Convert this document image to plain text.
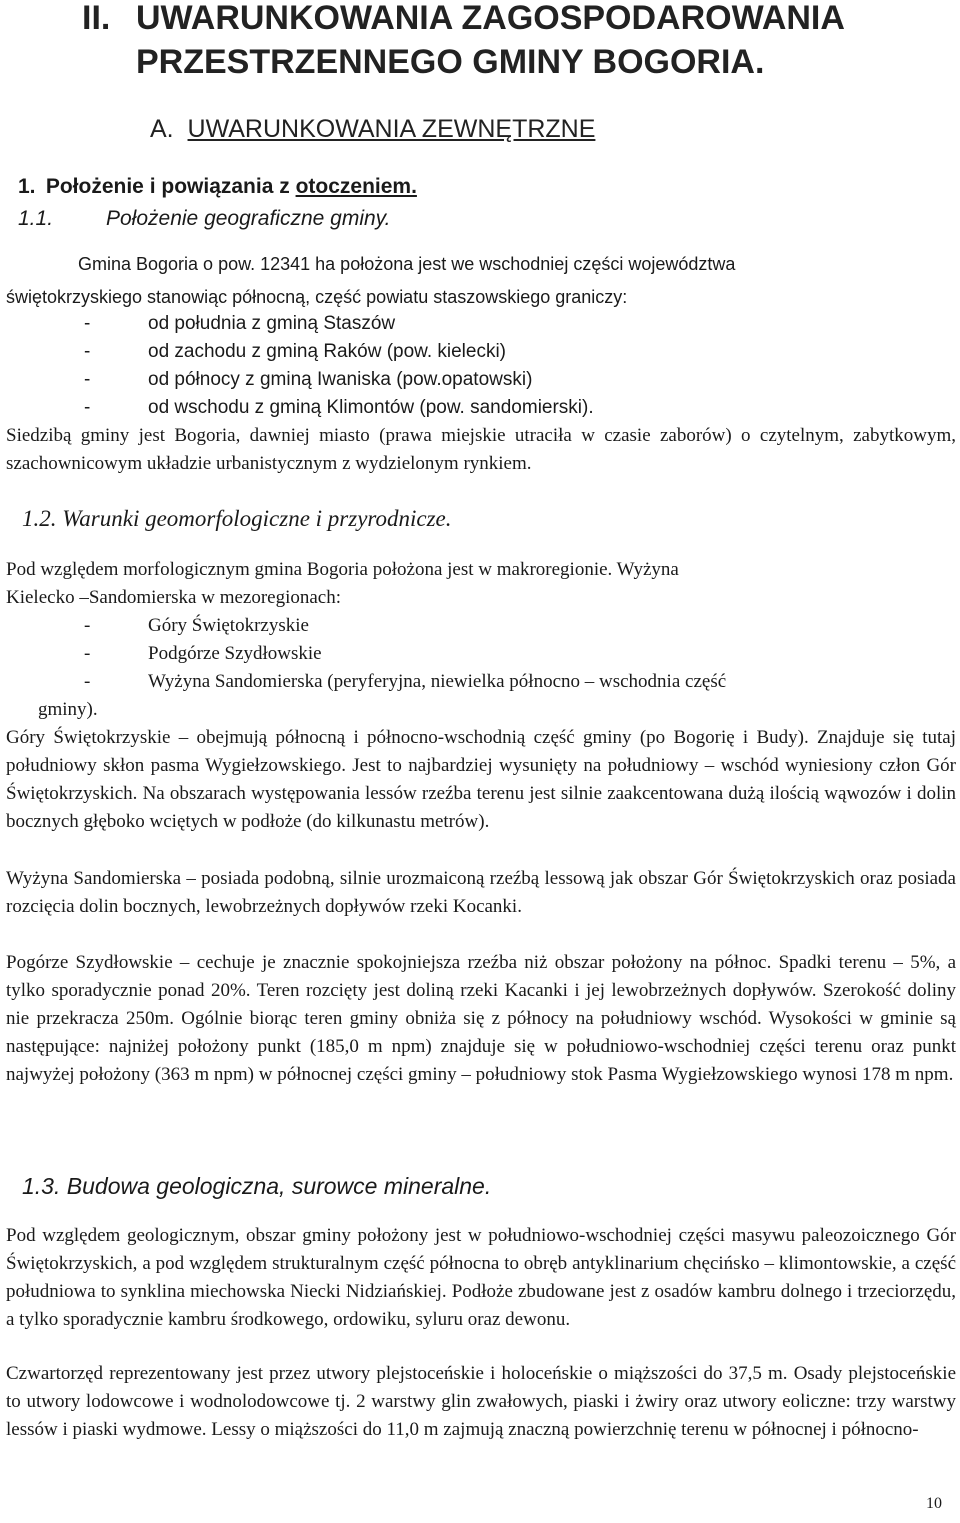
II. UWARUNKOWANIA ZAGOSPODAROWANIA
PRZESTRZENNEGO GMINY BOGORIA.
A. UWARUNKOWANIA ZEWNĘTRZNE
1. Położenie i powiązania z otoczeniem.
1.1.	Położenie geograficzne gminy.

Gmina Bogoria o pow. 12341 ha położona jest we wschodniej części województwa

świętokrzyskiego stanowiąc północną, część powiatu staszowskiego graniczy:

-	od południa z gminą Staszów
-	od zachodu z gminą Raków (pow. kielecki)
-	od północy z gminą Iwaniska (pow.opatowski)
-	od wschodu z gminą Klimontów (pow. sandomierski).

Siedzibą gminy jest Bogoria, dawniej miasto (prawa miejskie utraciła w czasie zaborów) o czytelnym, zabytkowym, szachownicowym układzie urbanistycznym z wydzielonym rynkiem.

1.2. Warunki geomorfologiczne i przyrodnicze.

Pod względem morfologicznym gmina Bogoria położona jest w makroregionie. Wyżyna

Kielecko –Sandomierska w mezoregionach:

-	Góry Świętokrzyskie
-	Podgórze Szydłowskie
-	Wyżyna Sandomierska (peryferyjna, niewielka północno – wschodnia część

gminy).

Góry Świętokrzyskie – obejmują północną i północno-wschodnią część gminy (po Bogorię i Budy). Znajduje się tutaj południowy skłon pasma Wygiełzowskiego. Jest to najbardziej wysunięty na południowy – wschód wyniesiony człon Gór Świętokrzyskich. Na obszarach występowania lessów rzeźba terenu jest silnie zaakcentowana dużą ilością wąwozów i dolin bocznych głęboko wciętych w podłoże (do kilkunastu metrów).

Wyżyna Sandomierska – posiada podobną, silnie urozmaiconą rzeźbą lessową jak obszar Gór Świętokrzyskich oraz posiada rozcięcia dolin bocznych, lewobrzeżnych dopływów rzeki Kocanki.

Pogórze Szydłowskie – cechuje je znacznie spokojniejsza rzeźba niż obszar położony na północ. Spadki terenu – 5%, a tylko sporadycznie ponad 20%. Teren rozcięty jest doliną rzeki Kacanki i jej lewobrzeżnych dopływów. Szerokość doliny nie przekracza 250m. Ogólnie biorąc teren gminy obniża się z północy na południowy wschód. Wysokości w gminie są następujące: najniżej położony punkt (185,0 m npm) znajduje się w południowo-wschodniej części terenu oraz punkt najwyżej położony (363 m npm) w północnej części gminy – południowy stok Pasma Wygiełzowskiego wynosi 178 m npm.

1.3. Budowa geologiczna, surowce mineralne.

Pod względem geologicznym, obszar gminy położony jest w południowo-wschodniej części masywu paleozoicznego Gór Świętokrzyskich, a pod względem strukturalnym część północna to obręb antyklinarium chęcińsko – klimontowskie, a część południowa to synklina miechowska Niecki Nidziańskiej. Podłoże zbudowane jest z osadów kambru dolnego i trzeciorzędu, a tylko sporadycznie kambru środkowego, ordowiku, syluru oraz dewonu.

Czwartorzęd reprezentowany jest przez utwory plejstoceńskie i holoceńskie o miąższości do 37,5 m. Osady plejstoceńskie to utwory lodowcowe i wodnolodowcowe tj. 2 warstwy glin zwałowych, piaski i żwiry oraz utwory eoliczne: trzy warstwy lessów i piaski wydmowe. Lessy o miąższości do 11,0 m zajmują znaczną powierzchnię terenu w północnej i północno-

10
